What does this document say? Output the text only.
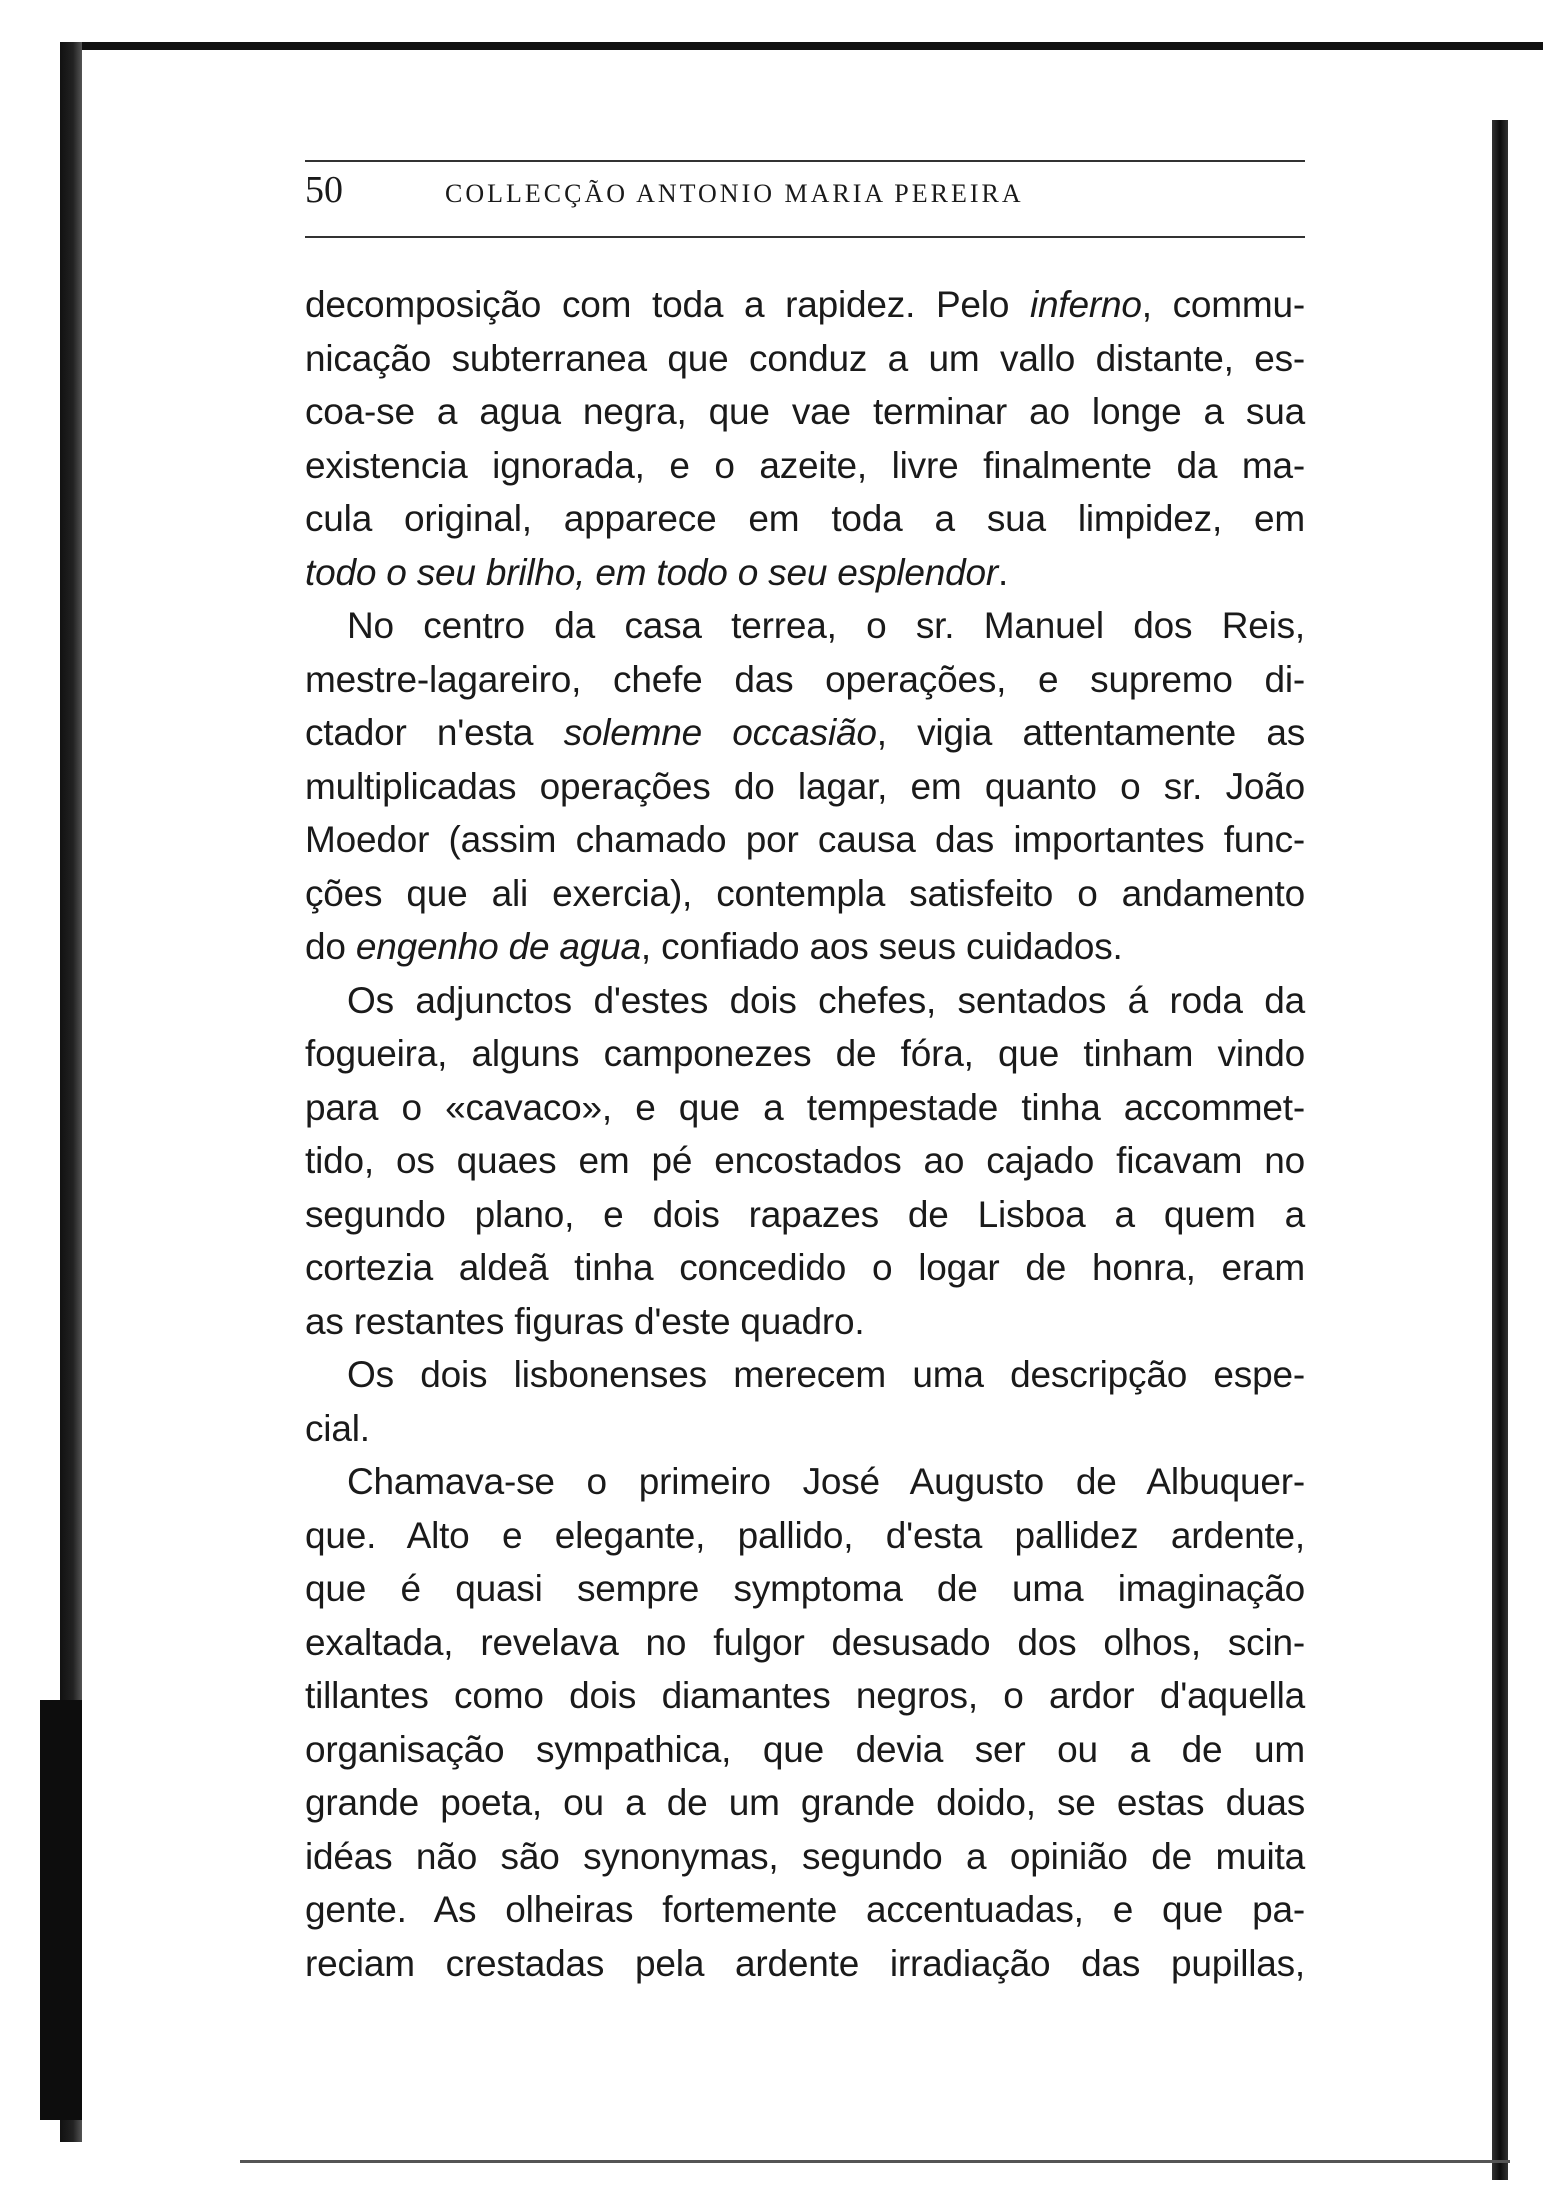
50	COLLECÇÃO ANTONIO MARIA PEREIRA
decomposição com toda a rapidez. Pelo inferno, commu-
nicação subterranea que conduz a um vallo distante, es-
coa-se a agua negra, que vae terminar ao longe a sua
existencia ignorada, e o azeite, livre finalmente da ma-
cula original, apparece em toda a sua limpidez, em
todo o seu brilho, em todo o seu esplendor.
No centro da casa terrea, o sr. Manuel dos Reis,
mestre-lagareiro, chefe das operações, e supremo di-
ctador n'esta solemne occasião, vigia attentamente as
multiplicadas operações do lagar, em quanto o sr. João
Moedor (assim chamado por causa das importantes func-
ções que ali exercia), contempla satisfeito o andamento
do engenho de agua, confiado aos seus cuidados.
Os adjunctos d'estes dois chefes, sentados á roda da
fogueira, alguns camponezes de fóra, que tinham vindo
para o «cavaco», e que a tempestade tinha accommet-
tido, os quaes em pé encostados ao cajado ficavam no
segundo plano, e dois rapazes de Lisboa a quem a
cortezia aldeã tinha concedido o logar de honra, eram
as restantes figuras d'este quadro.
Os dois lisbonenses merecem uma descripção espe-
cial.
Chamava-se o primeiro José Augusto de Albuquer-
que. Alto e elegante, pallido, d'esta pallidez ardente,
que é quasi sempre symptoma de uma imaginação
exaltada, revelava no fulgor desusado dos olhos, scin-
tillantes como dois diamantes negros, o ardor d'aquella
organisação sympathica, que devia ser ou a de um
grande poeta, ou a de um grande doido, se estas duas
idéas não são synonymas, segundo a opinião de muita
gente. As olheiras fortemente accentuadas, e que pa-
reciam crestadas pela ardente irradiação das pupillas,
